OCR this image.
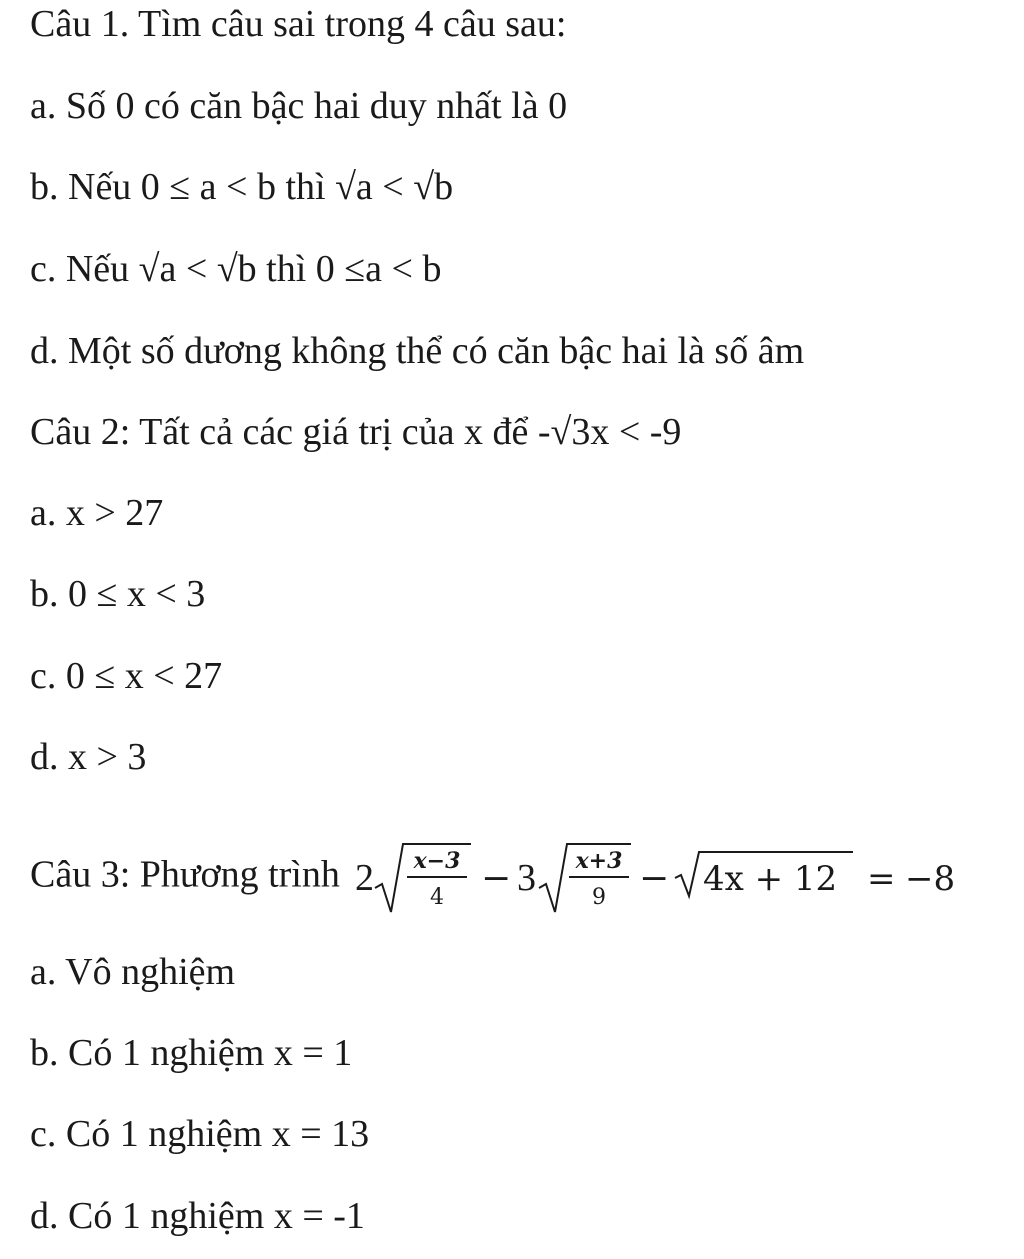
Câu 1. Tìm câu sai trong 4 câu sau:
a. Số 0 có căn bậc hai duy nhất là 0
b. Nếu 0 ≤ a < b thì √a < √b
c. Nếu √a < √b thì 0 ≤a < b
d. Một số dương không thể có căn bậc hai là số âm
Câu 2: Tất cả các giá trị của x để -√3x < -9
a. x > 27
b. 0 ≤ x < 3
c. 0 ≤ x < 27
d. x > 3
Câu 3: Phương trình 2 x−3
4 − 3 x+3
9 − 4x + 12 = −8
a. Vô nghiệm
b. Có 1 nghiệm x = 1
c. Có 1 nghiệm x = 13
d. Có 1 nghiệm x = -1
